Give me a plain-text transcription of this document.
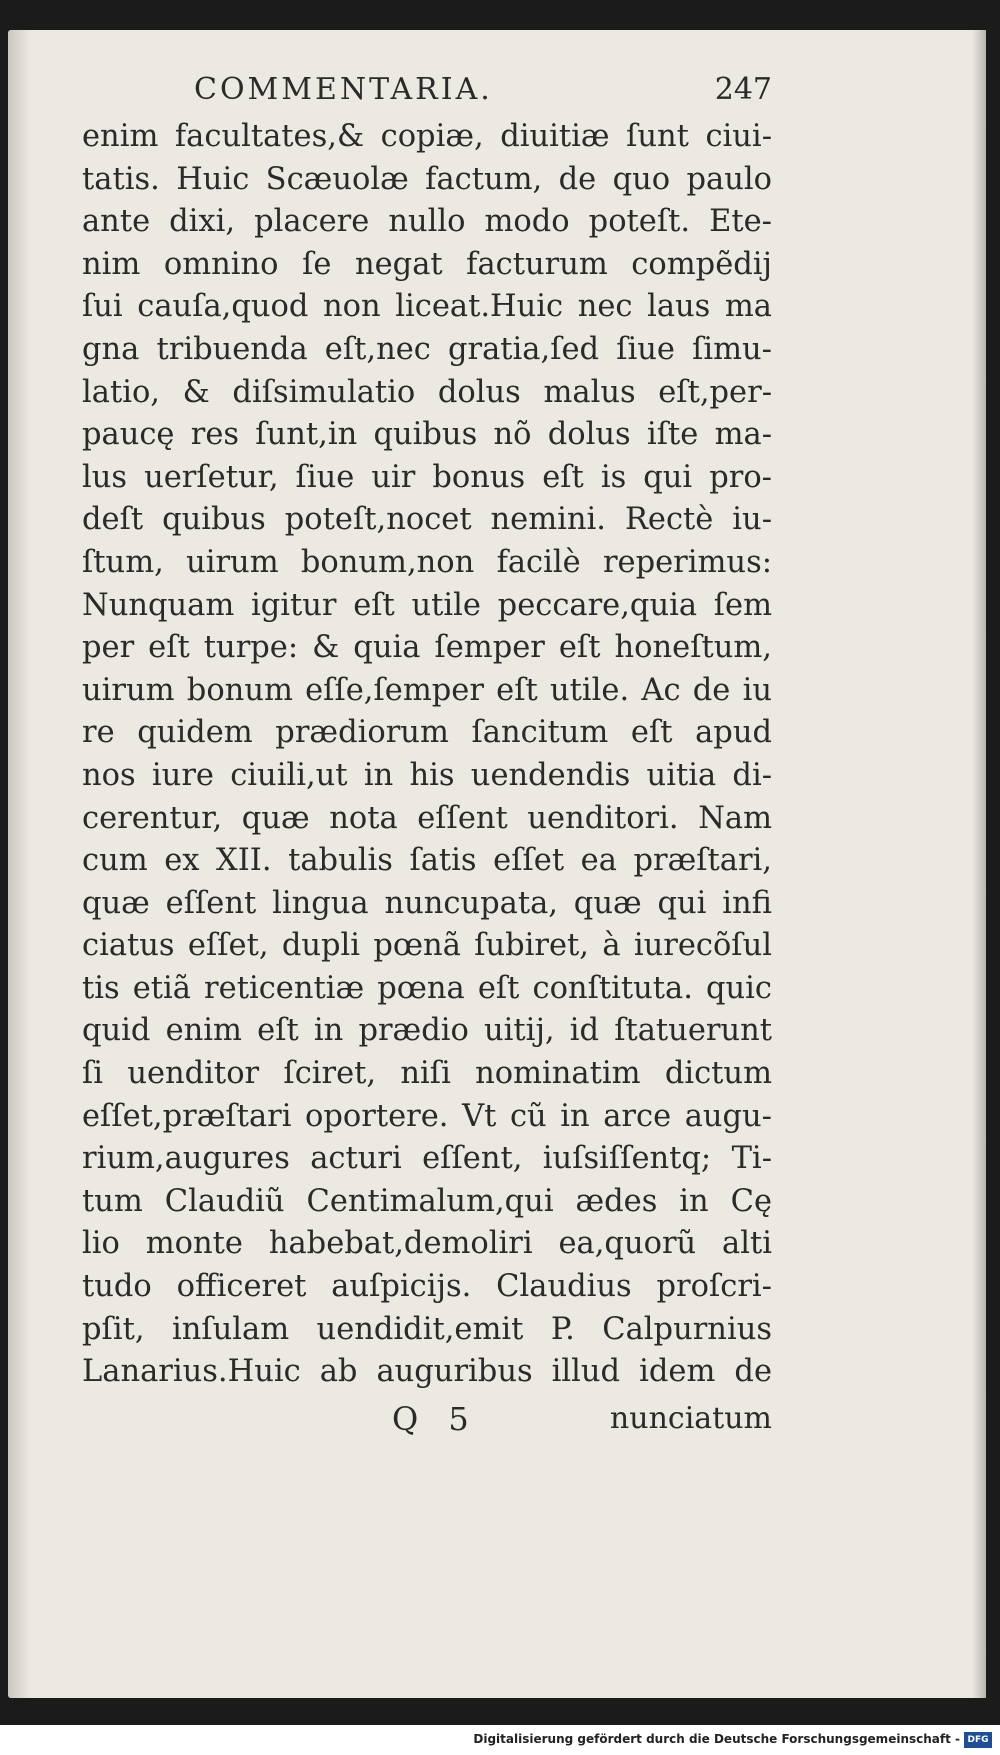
COMMENTARIA.	247
enim facultates,& copiæ, diuitiæ ſunt ciui-
tatis. Huic Scæuolæ factum, de quo paulo
ante dixi, placere nullo modo poteſt. Ete-
nim omnino ſe negat facturum compẽdij
ſui cauſa,quod non liceat.Huic nec laus ma
gna tribuenda eſt,nec gratia,ſed ſiue ſimu-
latio, & diſsimulatio dolus malus eſt,per-
paucę res ſunt,in quibus nõ dolus iſte ma-
lus uerſetur, ſiue uir bonus eſt is qui pro-
deſt quibus poteſt,nocet nemini. Rectè iu-
ſtum, uirum bonum,non facilè reperimus:
Nunquam igitur eſt utile peccare,quia ſem
per eſt turpe: & quia ſemper eſt honeſtum,
uirum bonum eſſe,ſemper eſt utile. Ac de iu
re quidem prædiorum ſancitum eſt apud
nos iure ciuili,ut in his uendendis uitia di-
cerentur, quæ nota eſſent uenditori. Nam
cum ex XII. tabulis ſatis eſſet ea præſtari,
quæ eſſent lingua nuncupata, quæ qui infi
ciatus eſſet, dupli pœnã ſubiret, à iurecõſul
tis etiã reticentiæ pœna eſt conſtituta. quic
quid enim eſt in prædio uitij, id ſtatuerunt
ſi uenditor ſciret, niſi nominatim dictum
eſſet,præſtari oportere. Vt cũ in arce augu-
rium,augures acturi eſſent, iuſsiſſentq; Ti-
tum Claudiũ Centimalum,qui ædes in Cę
lio monte habebat,demoliri ea,quorũ alti
tudo officeret auſpicijs. Claudius proſcri-
pſit, inſulam uendidit,emit P. Calpurnius
Lanarius.Huic ab auguribus illud idem de
Q 5	nunciatum
Digitalisierung gefördert durch die Deutsche Forschungsgemeinschaft - DFG
